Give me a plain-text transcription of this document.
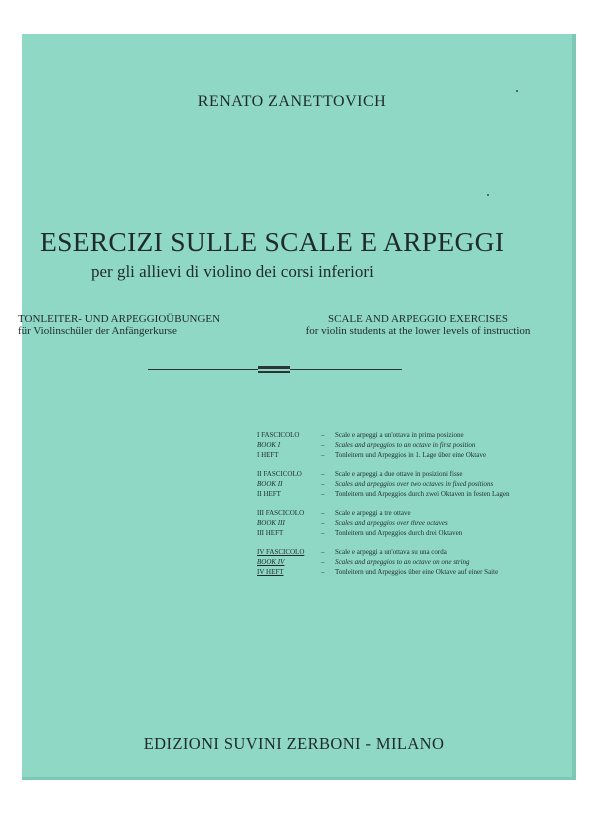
RENATO ZANETTOVICH
ESERCIZI SULLE SCALE E ARPEGGI
per gli allievi di violino dei corsi inferiori
TONLEITER- UND ARPEGGIOÜBUNGEN
für Violinschüler der Anfängerkurse
SCALE AND ARPEGGIO EXERCISES
for violin students at the lower levels of instruction
I FASCICOLO	–	Scale e arpeggi a un'ottava in prima posizione
BOOK I	–	Scales and arpeggios to an octave in first position
I HEFT	–	Tonleitern und Arpeggios in 1. Lage über eine Oktave
II FASCICOLO	–	Scale e arpeggi a due ottave in posizioni fisse
BOOK II	–	Scales and arpeggios over two octaves in fixed positions
II HEFT	–	Tonleitern und Arpeggios durch zwei Oktaven in festen Lagen
III FASCICOLO	–	Scale e arpeggi a tre ottave
BOOK III	–	Scales and arpeggios over three octaves
III HEFT	–	Tonleitern und Arpeggios durch drei Oktaven
IV FASCICOLO	–	Scale e arpeggi a un'ottava su una corda
BOOK IV	–	Scales and arpeggios to an octave on one string
IV HEFT	–	Tonleitern und Arpeggios über eine Oktave auf einer Saite
EDIZIONI SUVINI ZERBONI - MILANO
